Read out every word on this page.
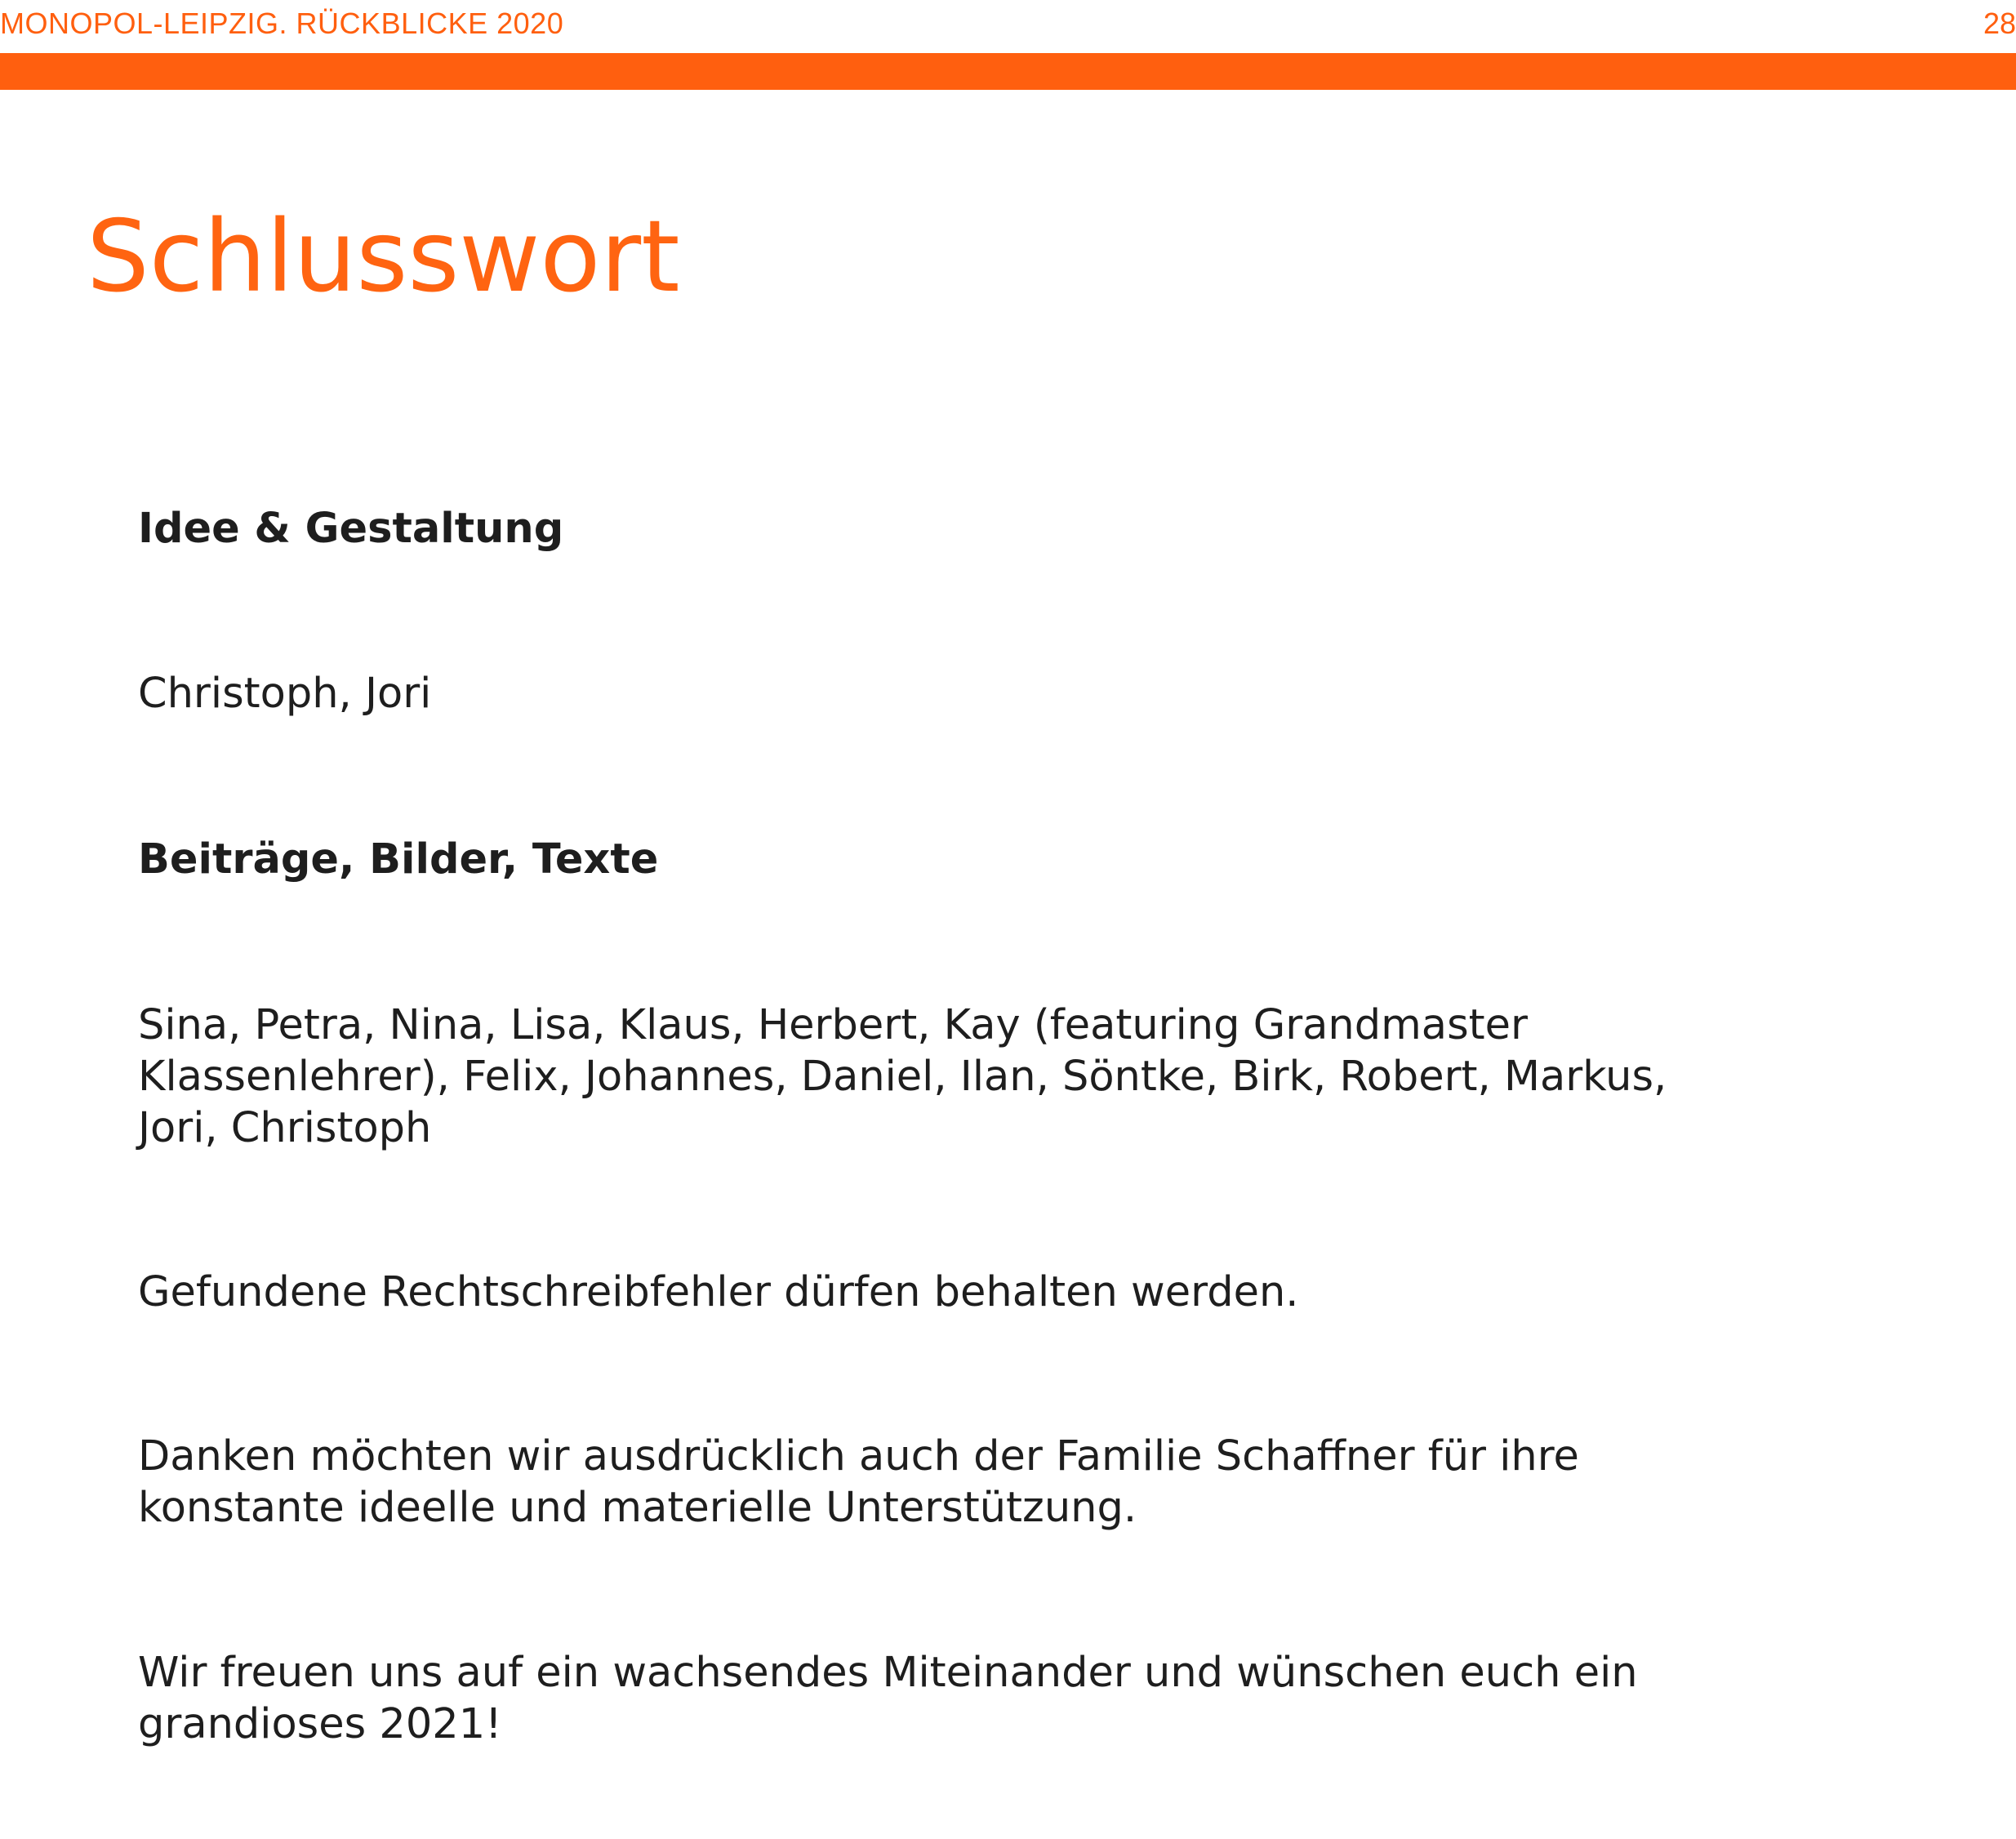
MONOPOL-LEIPZIG. RÜCKBLICKE 2020	28
Schlusswort

Idee & Gestaltung

Christoph, Jori

Beiträge, Bilder, Texte

Sina, Petra, Nina, Lisa, Klaus, Herbert, Kay (featuring Grandmaster

Klassenlehrer), Felix, Johannes, Daniel, Ilan, Söntke, Birk, Robert, Markus,

Jori, Christoph

Gefundene Rechtschreibfehler dürfen behalten werden.

Danken möchten wir ausdrücklich auch der Familie Schaffner für ihre

konstante ideelle und materielle Unterstützung.

Wir freuen uns auf ein wachsendes Miteinander und wünschen euch ein

grandioses 2021!
